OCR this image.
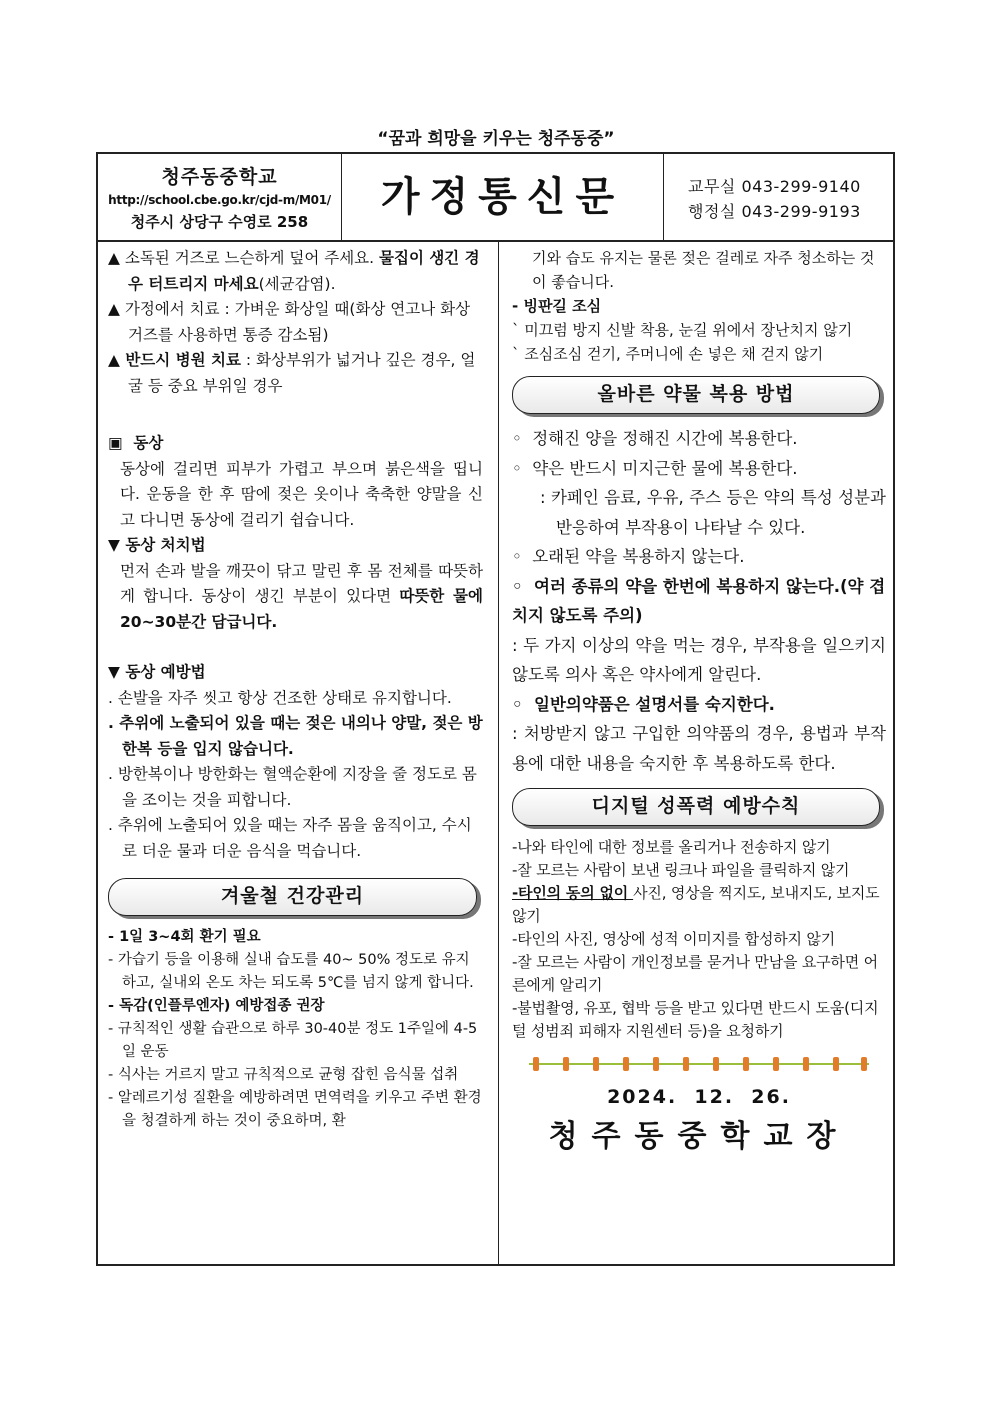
“꿈과 희망을 키우는 청주동중”
청주동중학교
http://school.cbe.go.kr/cjd-m/M01/
청주시 상당구 수영로 258
가정통신문	교무실 043-299-9140
행정실 043-299-9193

▲ 소독된 거즈로 느슨하게 덮어 주세요. 물집이 생긴 경우 터트리지 마세요(세균감염).

▲ 가정에서 치료 : 가벼운 화상일 때(화상 연고나 화상거즈를 사용하면 통증 감소됨)

▲ 반드시 병원 치료 : 화상부위가 넓거나 깊은 경우, 얼굴 등 중요 부위일 경우

▣  동상

동상에 걸리면 피부가 가렵고 부으며 붉은색을 띱니다. 운동을 한 후 땀에 젖은 옷이나 축축한 양말을 신고 다니면 동상에 걸리기 쉽습니다.

▼ 동상 처치법

먼저 손과 발을 깨끗이 닦고 말린 후 몸 전체를 따뜻하게 합니다. 동상이 생긴 부분이 있다면 따뜻한 물에 20~30분간 담급니다.

▼ 동상 예방법

. 손발을 자주 씻고 항상 건조한 상태로 유지합니다.

. 추위에 노출되어 있을 때는 젖은 내의나 양말, 젖은 방한복 등을 입지 않습니다.

. 방한복이나 방한화는 혈액순환에 지장을 줄 정도로 몸을 조이는 것을 피합니다.

. 추위에 노출되어 있을 때는 자주 몸을 움직이고, 수시로 더운 물과 더운 음식을 먹습니다.

겨울철 건강관리

- 1일 3~4회 환기 필요

- 가습기 등을 이용해 실내 습도를 40~ 50% 정도로 유지하고, 실내외 온도 차는 되도록 5℃를 넘지 않게 합니다.

- 독감(인플루엔자) 예방접종 권장

- 규칙적인 생활 습관으로 하루 30-40분 정도 1주일에 4-5일 운동

- 식사는 거르지 말고 규칙적으로 균형 잡힌 음식물 섭취

- 알레르기성 질환을 예방하려면 면역력을 키우고 주변 환경을 청결하게 하는 것이 중요하며, 환

기와 습도 유지는 물론 젖은 걸레로 자주 청소하는 것이 좋습니다.

- 빙판길 조심

` 미끄럼 방지 신발 착용, 눈길 위에서 장난치지 않기

` 조심조심 걷기, 주머니에 손 넣은 채 걷지 않기

올바른 약물 복용 방법

◦  정해진 양을 정해진 시간에 복용한다.

◦  약은 반드시 미지근한 물에 복용한다.

: 카페인 음료, 우유, 주스 등은 약의 특성 성분과 반응하여 부작용이 나타날 수 있다.

◦  오래된 약을 복용하지 않는다.

◦  여러 종류의 약을 한번에 복용하지 않는다.(약 겹치지 않도록 주의)

: 두 가지 이상의 약을 먹는 경우, 부작용을 일으키지 않도록 의사 혹은 약사에게 알린다.

◦  일반의약품은 설명서를 숙지한다.

: 처방받지 않고 구입한 의약품의 경우, 용법과 부작용에 대한 내용을 숙지한 후 복용하도록 한다.

디지털 성폭력 예방수칙

-나와 타인에 대한 정보를 올리거나 전송하지 않기

-잘 모르는 사람이 보낸 링크나 파일을 클릭하지 않기

-타인의 동의 없이 사진, 영상을 찍지도, 보내지도, 보지도 않기

-타인의 사진, 영상에 성적 이미지를 합성하지 않기

-잘 모르는 사람이 개인정보를 묻거나 만남을 요구하면 어른에게 알리기

-불법촬영, 유포, 협박 등을 받고 있다면 반드시 도움(디지털 성범죄 피해자 지원센터 등)을 요청하기

2024.  12.  26.
청주동중학교장
